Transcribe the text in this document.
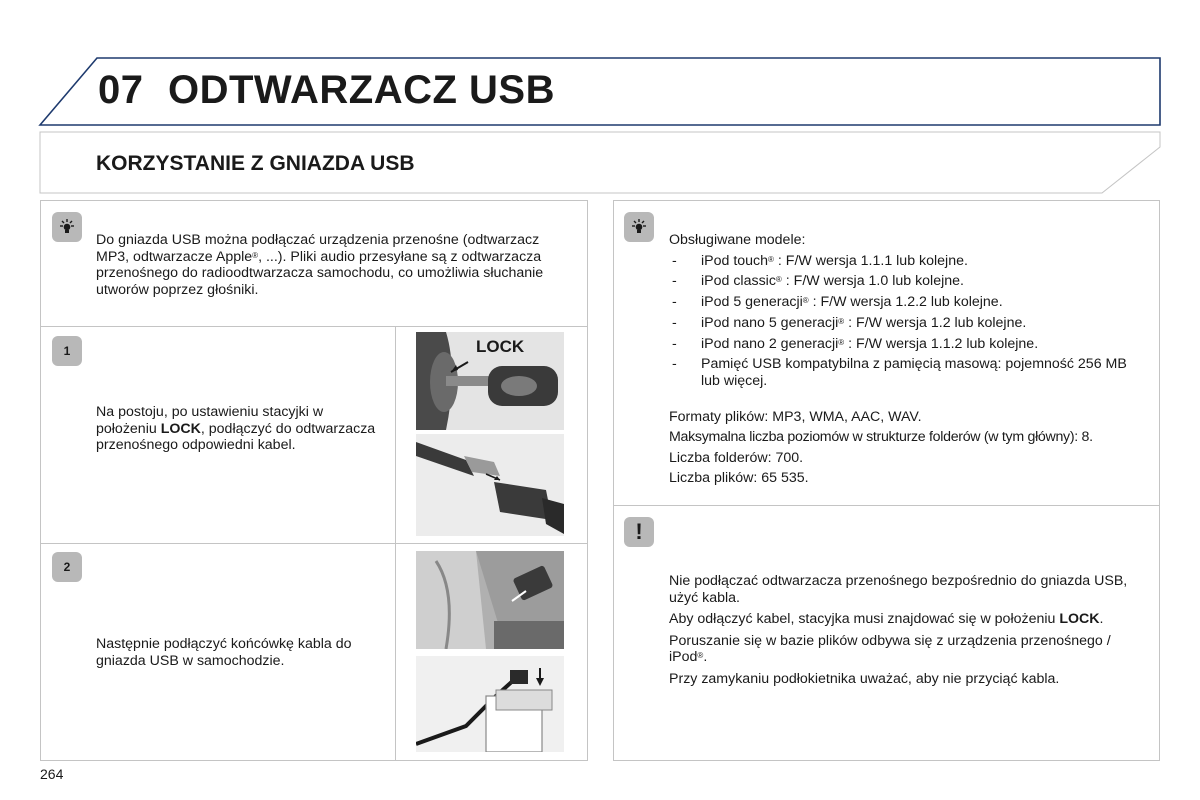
07 ODTWARZACZ USB
KORZYSTANIE Z GNIAZDA USB
Do gniazda USB można podłączać urządzenia przenośne (odtwarzacz MP3, odtwarzacze Apple®, ...). Pliki audio przesyłane są z odtwarzacza przenośnego do radioodtwarzacza samochodu, co umożliwia słuchanie utworów poprzez głośniki.
1
Na postoju, po ustawieniu stacyjki w położeniu LOCK, podłączyć do odtwarzacza przenośnego odpowiedni kabel.
LOCK
2
Następnie podłączyć końcówkę kabla do gniazda USB w samochodzie.
Obsługiwane modele:
- iPod touch® : F/W wersja 1.1.1 lub kolejne.
- iPod classic® : F/W wersja 1.0 lub kolejne.
- iPod 5 generacji® : F/W wersja 1.2.2 lub kolejne.
- iPod nano 5 generacji® : F/W wersja 1.2 lub kolejne.
- iPod nano 2 generacji® : F/W wersja 1.1.2 lub kolejne.
- Pamięć USB kompatybilna z pamięcią masową: pojemność 256 MB lub więcej.
Formaty plików: MP3, WMA, AAC, WAV.
Maksymalna liczba poziomów w strukturze folderów (w tym główny): 8.
Liczba folderów: 700.
Liczba plików: 65 535.
!
Nie podłączać odtwarzacza przenośnego bezpośrednio do gniazda USB, użyć kabla.
Aby odłączyć kabel, stacyjka musi znajdować się w położeniu LOCK.
Poruszanie się w bazie plików odbywa się z urządzenia przenośnego / iPod®.
Przy zamykaniu podłokietnika uważać, aby nie przyciąć kabla.
264
